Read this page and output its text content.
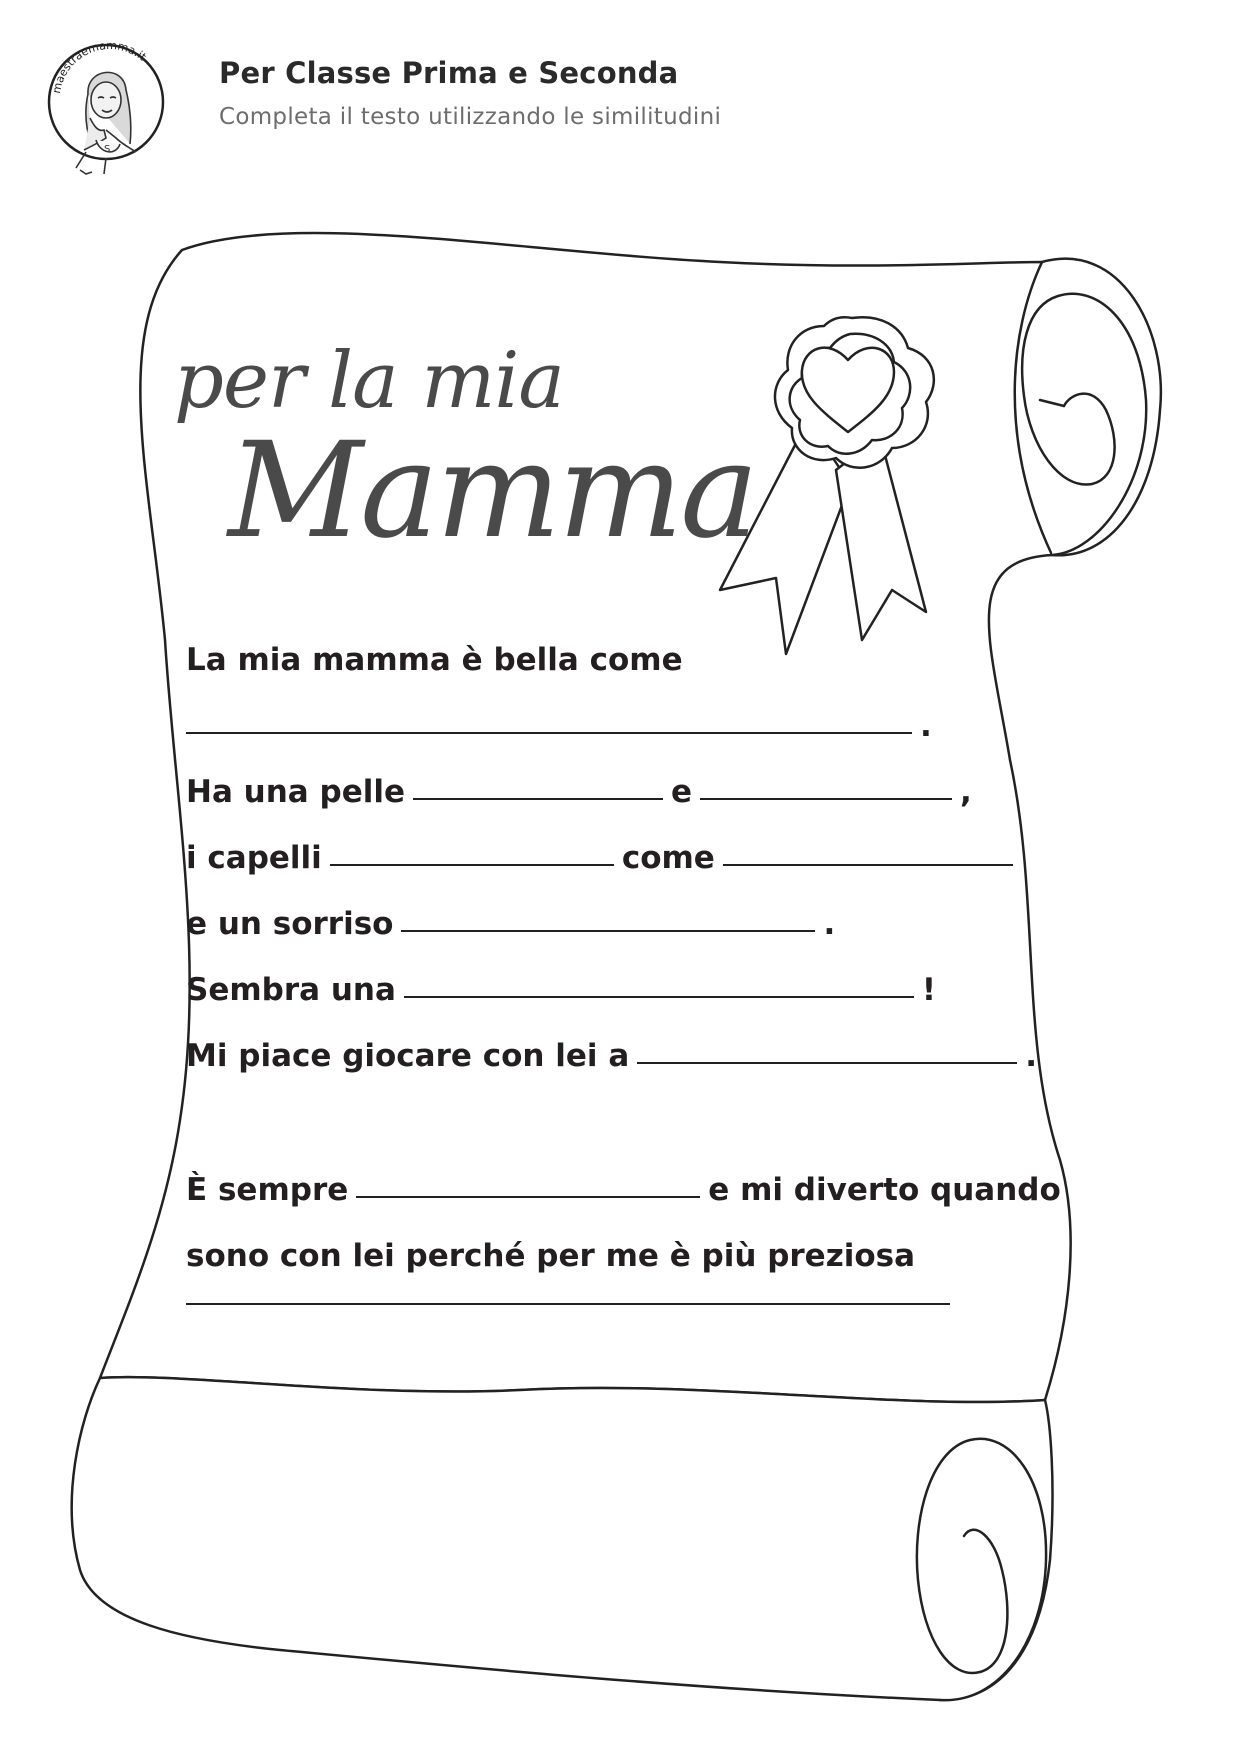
maestraemamma.it
S
Per Classe Prima e Seconda
Completa il testo utilizzando le similitudini
per la mia
Mamma
La mia mamma è bella come
.
Ha una pelle	e	,
i capelli	come
e un sorriso	.
Sembra una	!
Mi piace giocare con lei a	.
È sempre	e mi diverto quando
sono con lei perché per me è più preziosa
